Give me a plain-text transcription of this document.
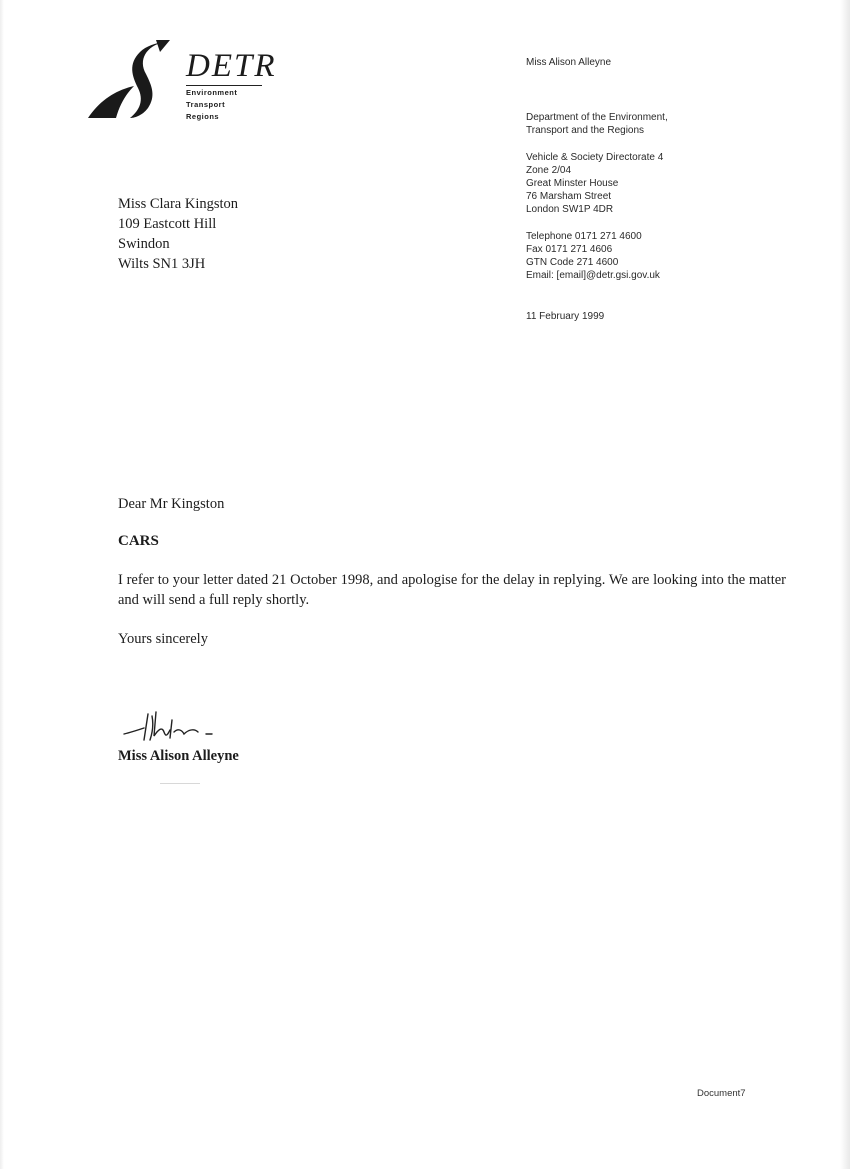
DETR
Environment
Transport
Regions
Miss Alison Alleyne
Department of the Environment,
Transport and the Regions
Vehicle & Society Directorate 4
Zone 2/04
Great Minster House
76 Marsham Street
London SW1P 4DR
Telephone 0171 271 4600
Fax 0171 271 4606
GTN Code 271 4600
Email: [email]@detr.gsi.gov.uk
11 February 1999
Miss Clara Kingston
109 Eastcott Hill
Swindon
Wilts SN1 3JH
Dear Mr Kingston
CARS
I refer to your letter dated 21 October 1998, and apologise for the delay in replying. We are looking into the matter and will send a full reply shortly.
Yours sincerely
Miss Alison Alleyne
Document7
